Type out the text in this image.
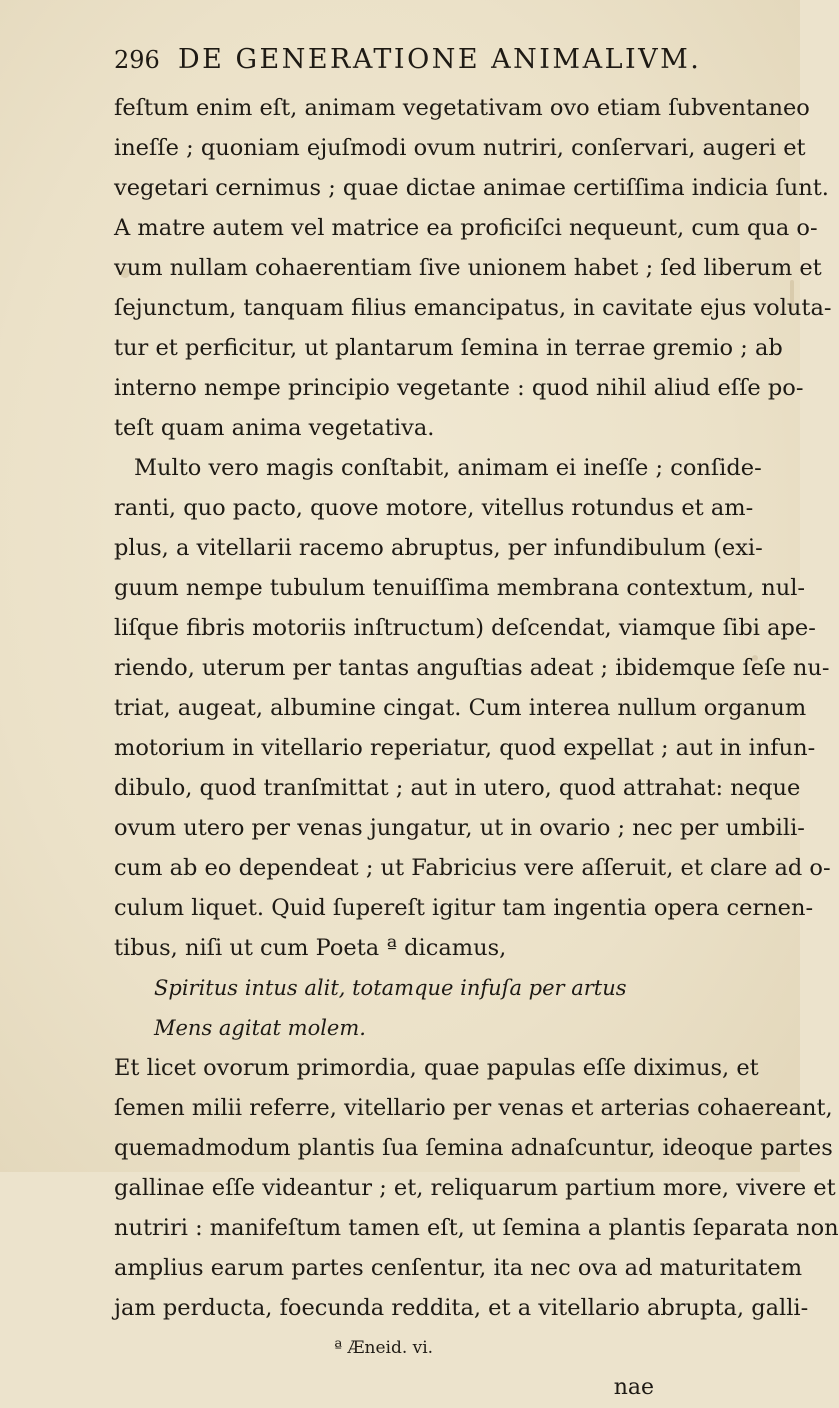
296 DE GENERATIONE ANIMALIVM.
feſtum enim eſt, animam vegetativam ovo etiam ſubventaneo
ineſſe ; quoniam ejuſmodi ovum nutriri, conſervari, augeri et
vegetari cernimus ; quae dictae animae certiſſima indicia ſunt.
A matre autem vel matrice ea proficiſci nequeunt, cum qua o-
vum nullam cohaerentiam ſive unionem habet ; ſed liberum et
ſejunctum, tanquam filius emancipatus, in cavitate ejus voluta-
tur et perficitur, ut plantarum ſemina in terrae gremio ; ab
interno nempe principio vegetante : quod nihil aliud eſſe po-
teſt quam anima vegetativa.
Multo vero magis conſtabit, animam ei ineſſe ; conſide-
ranti, quo pacto, quove motore, vitellus rotundus et am-
plus, a vitellarii racemo abruptus, per infundibulum (exi-
guum nempe tubulum tenuiſſima membrana contextum, nul-
liſque fibris motoriis inſtructum) deſcendat, viamque ſibi ape-
riendo, uterum per tantas anguſtias adeat ; ibidemque ſeſe nu-
triat, augeat, albumine cingat. Cum interea nullum organum
motorium in vitellario reperiatur, quod expellat ; aut in infun-
dibulo, quod tranſmittat ; aut in utero, quod attrahat: neque
ovum utero per venas jungatur, ut in ovario ; nec per umbili-
cum ab eo dependeat ; ut Fabricius vere aſſeruit, et clare ad o-
culum liquet. Quid ſupereſt igitur tam ingentia opera cernen-
tibus, niſi ut cum Poeta ª dicamus,
Spiritus intus alit, totamque infuſa per artus
Mens agitat molem.
Et licet ovorum primordia, quae papulas eſſe diximus, et
ſemen milii referre, vitellario per venas et arterias cohaereant,
quemadmodum plantis ſua ſemina adnaſcuntur, ideoque partes
gallinae eſſe videantur ; et, reliquarum partium more, vivere et
nutriri : manifeſtum tamen eſt, ut ſemina a plantis ſeparata non
amplius earum partes cenſentur, ita nec ova ad maturitatem
jam perducta, foecunda reddita, et a vitellario abrupta, galli-
ª Æneid. vi.
nae
